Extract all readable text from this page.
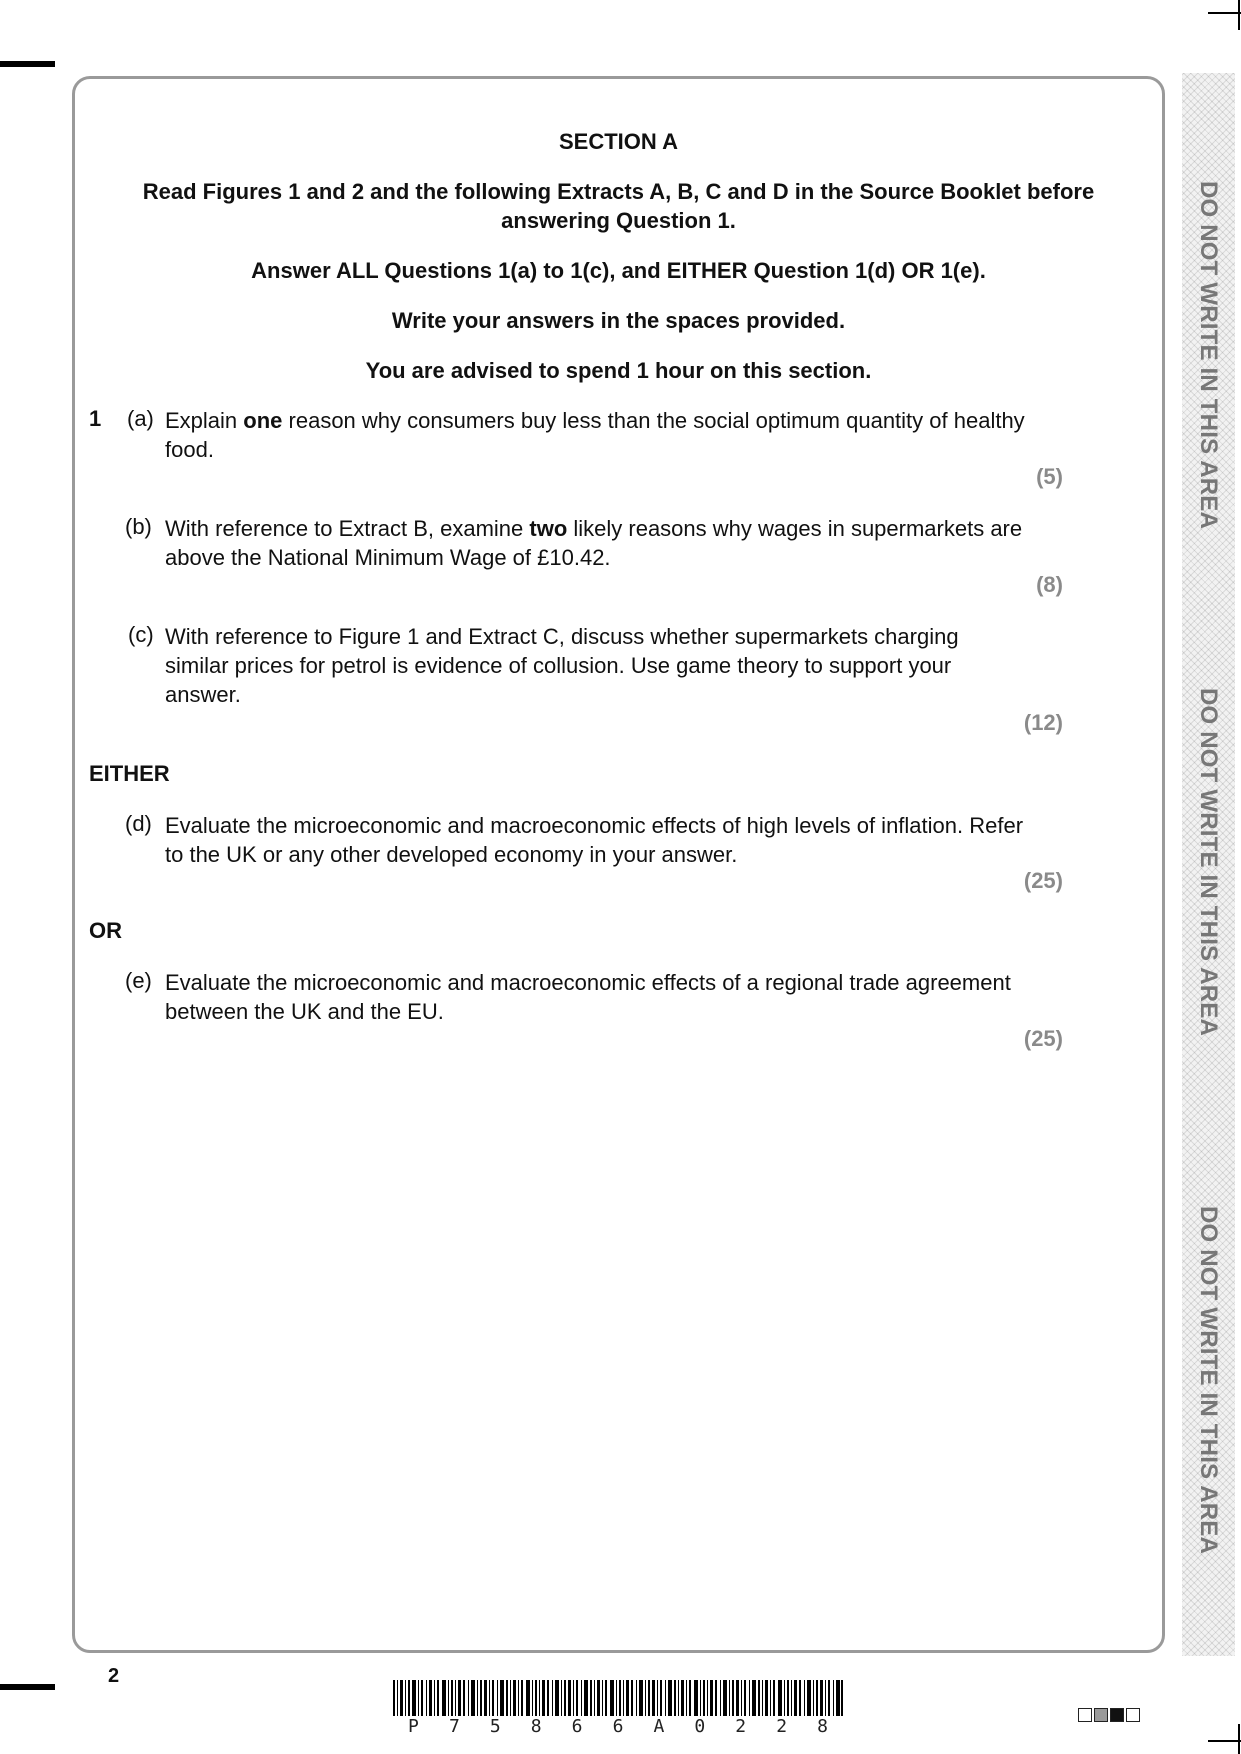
DO NOT WRITE IN THIS AREA
DO NOT WRITE IN THIS AREA
DO NOT WRITE IN THIS AREA
SECTION A
Read Figures 1 and 2 and the following Extracts A, B, C and D in the Source Booklet before answering Question 1.
Answer ALL Questions 1(a) to 1(c), and EITHER Question 1(d) OR 1(e).
Write your answers in the spaces provided.
You are advised to spend 1 hour on this section.
1 (a) Explain one reason why consumers buy less than the social optimum quantity of healthy food.
(5)
(b) With reference to Extract B, examine two likely reasons why wages in supermarkets are above the National Minimum Wage of £10.42.
(8)
(c) With reference to Figure 1 and Extract C, discuss whether supermarkets charging similar prices for petrol is evidence of collusion. Use game theory to support your answer.
(12)
EITHER
(d) Evaluate the microeconomic and macroeconomic effects of high levels of inflation. Refer to the UK or any other developed economy in your answer.
(25)
OR
(e) Evaluate the microeconomic and macroeconomic effects of a regional trade agreement between the UK and the EU.
(25)
2
P 7 5 8 6 6 A 0 2 2 8
